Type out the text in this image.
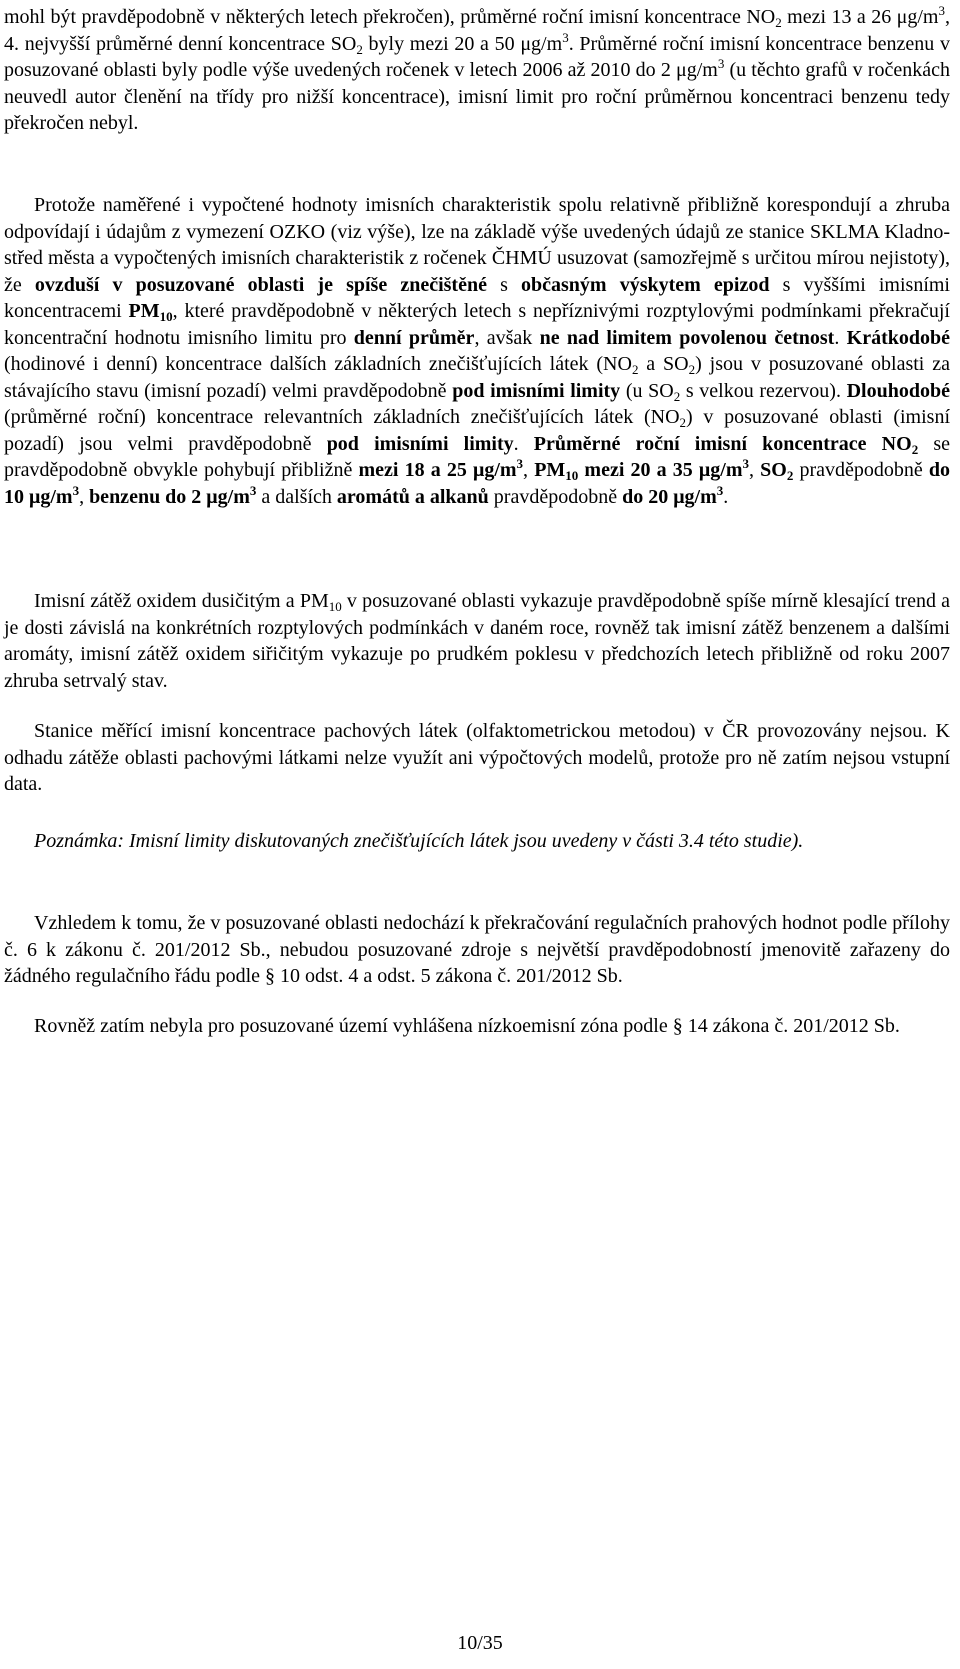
mohl být pravděpodobně v některých letech překročen), průměrné roční imisní koncentrace $NO_2$ mezi 13 a 26 $\mu g/m^3$, 4. nejvyšší průměrné denní koncentrace $SO_2$ byly mezi 20 a 50 $\mu g/m^3$. Průměrné roční imisní koncentrace benzenu v posuzované oblasti byly podle výše uvedených ročenek v letech 2006 až 2010 do 2 $\mu g/m^3$ (u těchto grafů v ročenkách neuvedl autor členění na třídy pro nižší koncentrace), imisní limit pro roční průměrnou koncentraci benzenu tedy překročen nebyl.

Protože naměřené i vypočtené hodnoty imisních charakteristik spolu relativně přibližně korespondují a zhruba odpovídají i údajům z vymezení OZKO (viz výše), lze na základě výše uvedených údajů ze stanice SKLMA Kladno-střed města a vypočtených imisních charakteristik z ročenek ČHMÚ usuzovat (samozřejmě s určitou mírou nejistoty), že ovzduší v posuzované oblasti je spíše znečištěné s občasným výskytem epizod s vyššími imisními koncentracemi $PM_{10}$, které pravděpodobně v některých letech s nepříznivými rozptylovými podmínkami překračují koncentrační hodnotu imisního limitu pro denní průměr, avšak ne nad limitem povolenou četnost. Krátkodobé (hodinové i denní) koncentrace dalších základních znečišťujících látek ($NO_2$ a $SO_2$) jsou v posuzované oblasti za stávajícího stavu (imisní pozadí) velmi pravděpodobně pod imisními limity (u $SO_2$ s velkou rezervou). Dlouhodobé (průměrné roční) koncentrace relevantních základních znečišťujících látek $(NO_2)$ v posuzované oblasti (imisní pozadí) jsou velmi pravděpodobně pod imisními limity. Průměrné roční imisní koncentrace $NO_2$ se pravděpodobně obvykle pohybují přibližně mezi 18 a 25 $\mu g/m^3$, $PM_{10}$ mezi 20 a 35 $\mu g/m^3$, $SO_2$ pravděpodobně do 10 $\mu g/m^3$, benzenu do 2 $\mu g/m^3$ a dalších aromátů a alkanů pravděpodobně do 20 $\mu g/m^3$.

Imisní zátěž oxidem dusičitým a $PM_{10}$ v posuzované oblasti vykazuje pravděpodobně spíše mírně klesající trend a je dosti závislá na konkrétních rozptylových podmínkách v daném roce, rovněž tak imisní zátěž benzenem a dalšími aromáty, imisní zátěž oxidem siřičitým vykazuje po prudkém poklesu v předchozích letech přibližně od roku 2007 zhruba setrvalý stav.

Stanice měřící imisní koncentrace pachových látek (olfaktometrickou metodou) v ČR provozovány nejsou. K odhadu zátěže oblasti pachovými látkami nelze využít ani výpočtových modelů, protože pro ně zatím nejsou vstupní data.

Poznámka: Imisní limity diskutovaných znečišťujících látek jsou uvedeny v části 3.4 této studie).

Vzhledem k tomu, že v posuzované oblasti nedochází k překračování regulačních prahových hodnot podle přílohy č. 6 k zákonu č. 201/2012 Sb., nebudou posuzované zdroje s největší pravděpodobností jmenovitě zařazeny do žádného regulačního řádu podle § 10 odst. 4 a odst. 5 zákona č. 201/2012 Sb.

Rovněž zatím nebyla pro posuzované území vyhlášena nízkoemisní zóna podle § 14 zákona č. 201/2012 Sb.

10/35
